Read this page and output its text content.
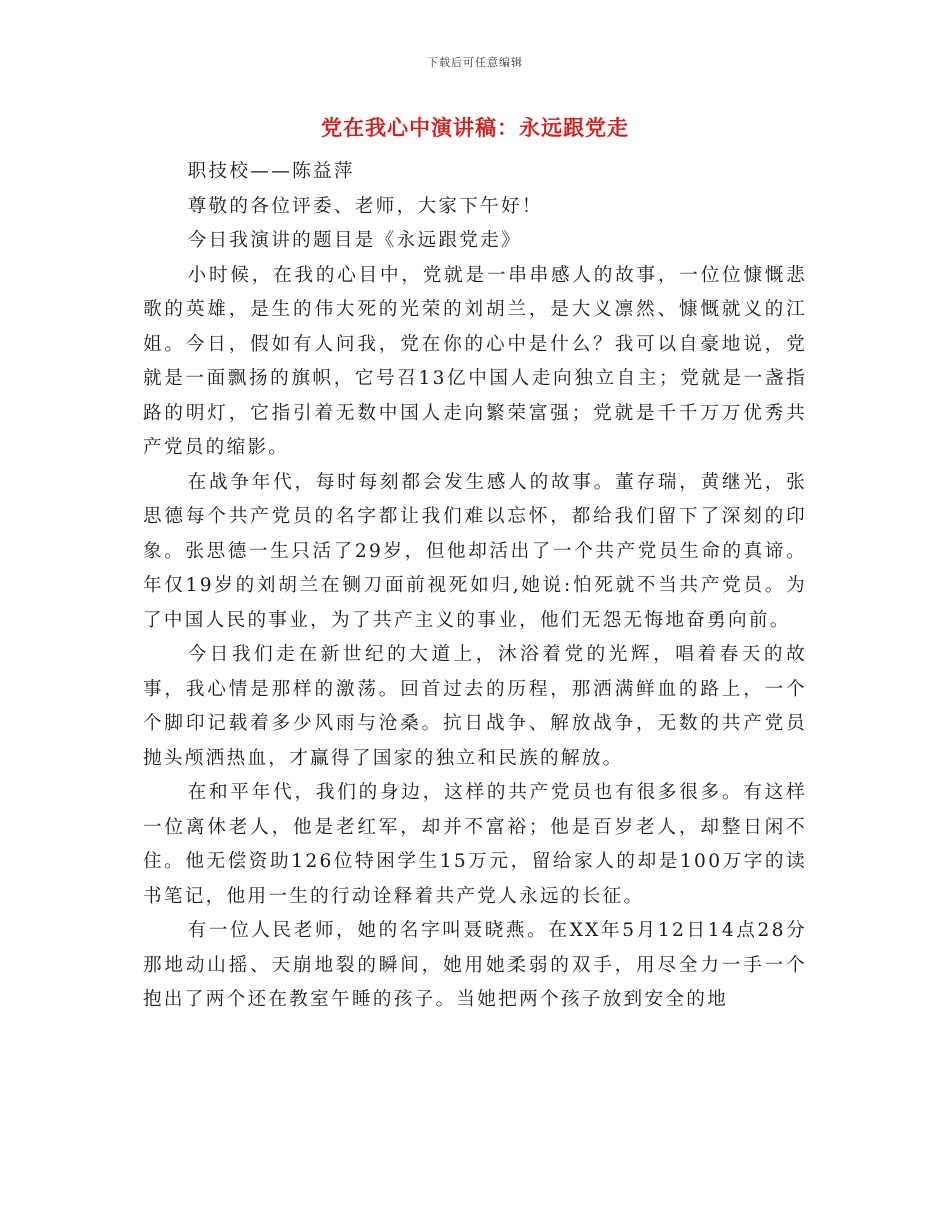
下载后可任意编辑
党在我心中演讲稿：永远跟党走

职技校——陈益萍

尊敬的各位评委、老师，大家下午好！

今日我演讲的题目是《永远跟党走》

小时候，在我的心目中，党就是一串串感人的故事，一位位慷慨悲歌的英雄，是生的伟大死的光荣的刘胡兰，是大义凛然、慷慨就义的江姐。今日，假如有人问我，党在你的心中是什么？我可以自豪地说，党就是一面飘扬的旗帜，它号召13亿中国人走向独立自主；党就是一盏指路的明灯，它指引着无数中国人走向繁荣富强；党就是千千万万优秀共产党员的缩影。

在战争年代，每时每刻都会发生感人的故事。董存瑞，黄继光，张思德每个共产党员的名字都让我们难以忘怀，都给我们留下了深刻的印象。张思德一生只活了29岁，但他却活出了一个共产党员生命的真谛。年仅19岁的刘胡兰在铡刀面前视死如归,她说:怕死就不当共产党员。为了中国人民的事业，为了共产主义的事业，他们无怨无悔地奋勇向前。

今日我们走在新世纪的大道上，沐浴着党的光辉，唱着春天的故事，我心情是那样的激荡。回首过去的历程，那洒满鲜血的路上，一个个脚印记载着多少风雨与沧桑。抗日战争、解放战争，无数的共产党员抛头颅洒热血，才赢得了国家的独立和民族的解放。

在和平年代，我们的身边，这样的共产党员也有很多很多。有这样一位离休老人，他是老红军，却并不富裕；他是百岁老人，却整日闲不住。他无偿资助126位特困学生15万元，留给家人的却是100万字的读书笔记，他用一生的行动诠释着共产党人永远的长征。

有一位人民老师，她的名字叫聂晓燕。在XX年5月12日14点28分那地动山摇、天崩地裂的瞬间，她用她柔弱的双手，用尽全力一手一个抱出了两个还在教室午睡的孩子。当她把两个孩子放到安全的地
